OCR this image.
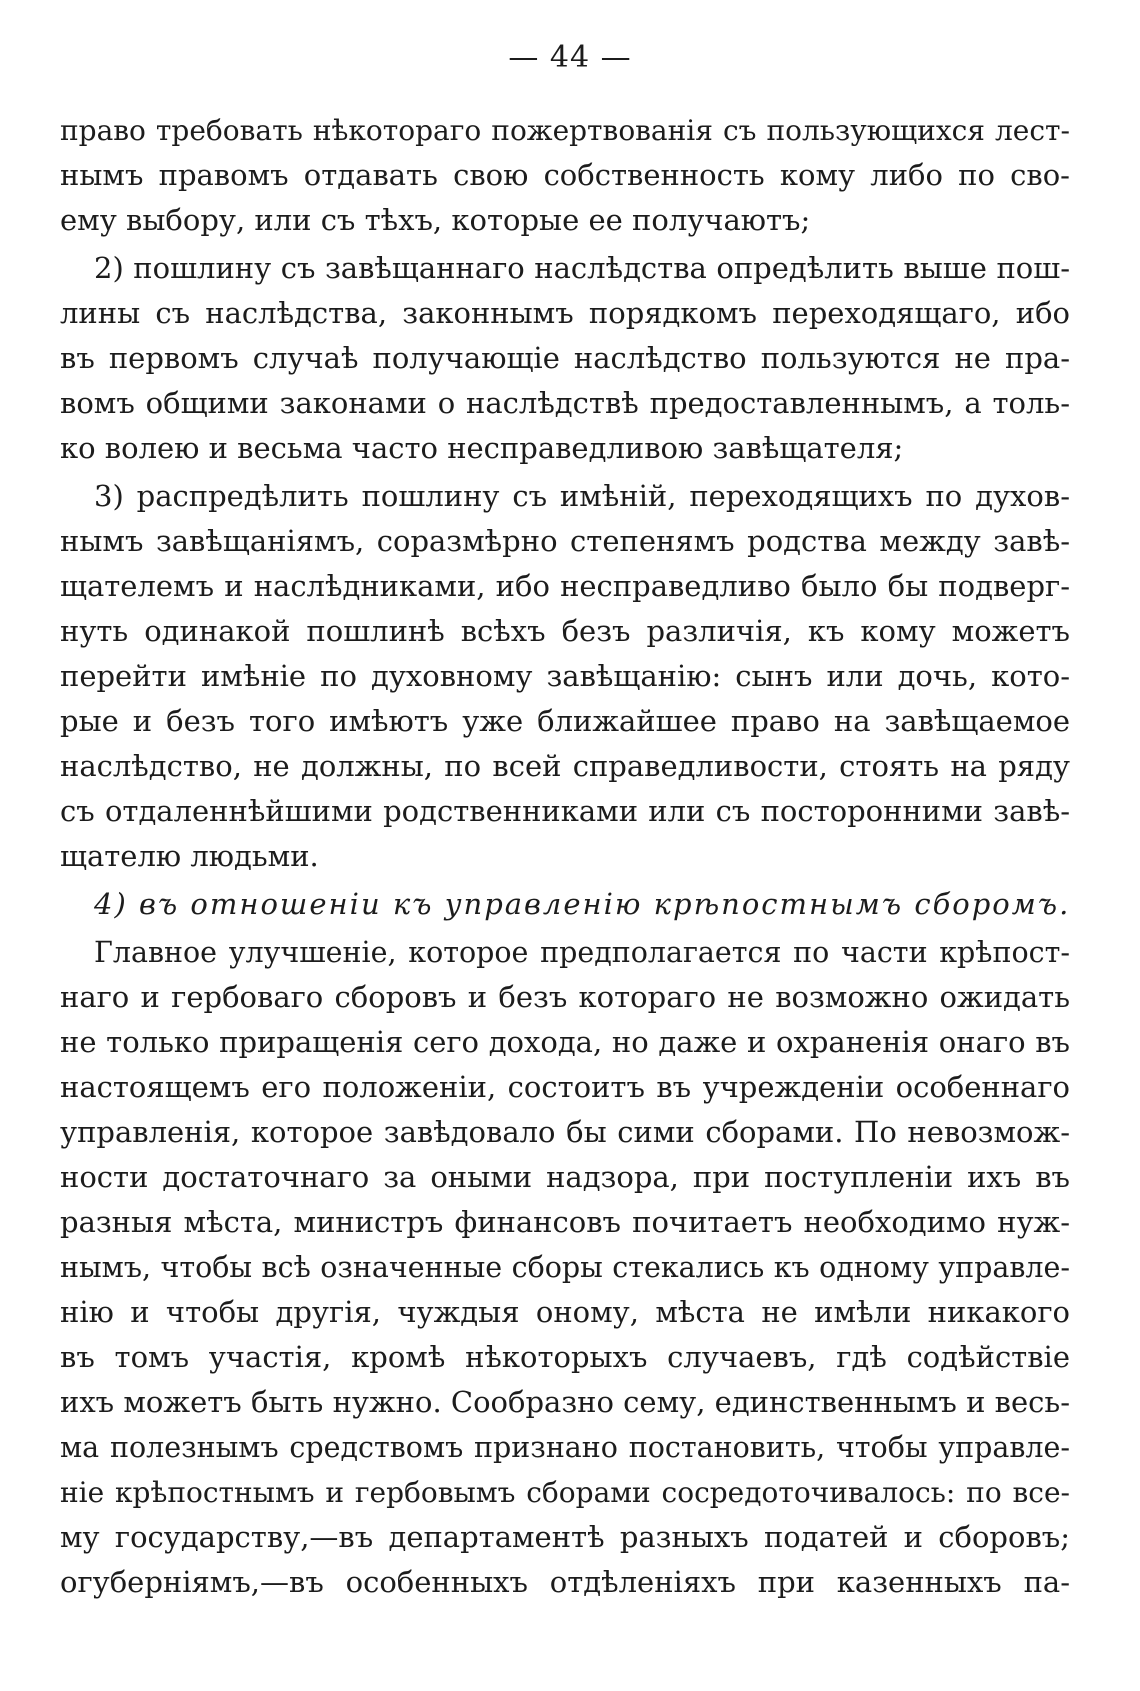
— 44 —
право требовать нѣкотораго пожертвованія съ пользующихся лест-
нымъ правомъ отдавать свою собственность кому либо по сво-
ему выбору, или съ тѣхъ, которые ее получаютъ;
2) пошлину съ завѣщаннаго наслѣдства опредѣлить выше пош-
лины съ наслѣдства, законнымъ порядкомъ переходящаго, ибо
въ первомъ случаѣ получающіе наслѣдство пользуются не пра-
вомъ общими законами о наслѣдствѣ предоставленнымъ, а толь-
ко волею и весьма часто несправедливою завѣщателя;
3) распредѣлить пошлину съ имѣній, переходящихъ по духов-
нымъ завѣщаніямъ, соразмѣрно степенямъ родства между завѣ-
щателемъ и наслѣдниками, ибо несправедливо было бы подверг-
нуть одинакой пошлинѣ всѣхъ безъ различія, къ кому можетъ
перейти имѣніе по духовному завѣщанію: сынъ или дочь, кото-
рые и безъ того имѣютъ уже ближайшее право на завѣщаемое
наслѣдство, не должны, по всей справедливости, стоять на ряду
съ отдаленнѣйшими родственниками или съ посторонними завѣ-
щателю людьми.
4) въ отношеніи къ управленію крѣпостнымъ сборомъ.
Главное улучшеніе, которое предполагается по части крѣпост-
наго и гербоваго сборовъ и безъ котораго не возможно ожидать
не только приращенія сего дохода, но даже и охраненія онаго въ
настоящемъ его положеніи, состоитъ въ учрежденіи особеннаго
управленія, которое завѣдовало бы сими сборами. По невозмож-
ности достаточнаго за оными надзора, при поступленіи ихъ въ
разныя мѣста, министръ финансовъ почитаетъ необходимо нуж-
нымъ, чтобы всѣ означенные сборы стекались къ одному управле-
нію и чтобы другія, чуждыя оному, мѣста не имѣли никакого
въ томъ участія, кромѣ нѣкоторыхъ случаевъ, гдѣ содѣйствіе
ихъ можетъ быть нужно. Сообразно сему, единственнымъ и весь-
ма полезнымъ средствомъ признано постановить, чтобы управле-
ніе крѣпостнымъ и гербовымъ сборами сосредоточивалось: по все-
му государству,—въ департаментѣ разныхъ податей и сборовъ;
огуберніямъ,—въ особенныхъ отдѣленіяхъ при казенныхъ па-
